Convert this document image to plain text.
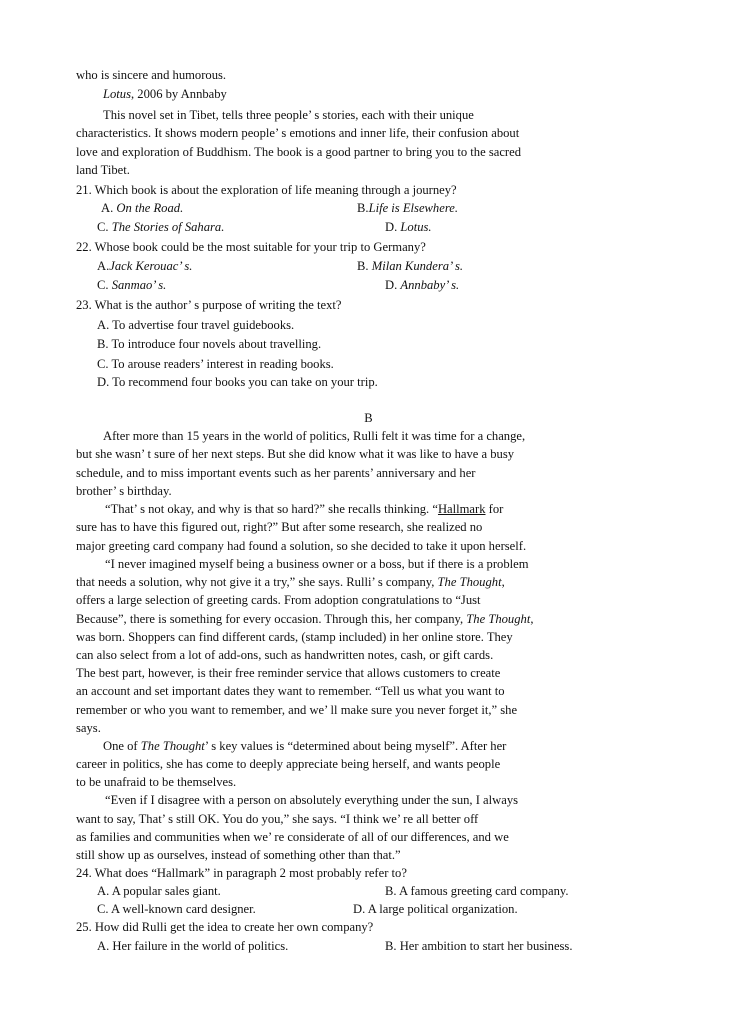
who is sincere and humorous.
Lotus, 2006 by Annbaby
This novel set in Tibet, tells three people’ s stories, each with their unique
characteristics. It shows modern people’ s emotions and inner life, their confusion about
love and exploration of Buddhism. The book is a good partner to bring you to the sacred
land Tibet.
21. Which book is about the exploration of life meaning through a journey?
A. On the Road.	B.Life is Elsewhere.
C. The Stories of Sahara.	D. Lotus.
22. Whose book could be the most suitable for your trip to Germany?
A.Jack Kerouac’ s.	B. Milan Kundera’ s.
C. Sanmao’ s.	D. Annbaby’ s.
23. What is the author’ s purpose of writing the text?
A. To advertise four travel guidebooks.
B. To introduce four novels about travelling.
C. To arouse readers’ interest in reading books.
D. To recommend four books you can take on your trip.
B
After more than 15 years in the world of politics, Rulli felt it was time for a change,
but she wasn’ t sure of her next steps. But she did know what it was like to have a busy
schedule, and to miss important events such as her parents’ anniversary and her
brother’ s birthday.
“That’ s not okay, and why is that so hard?” she recalls thinking. “Hallmark for
sure has to have this figured out, right?” But after some research, she realized no
major greeting card company had found a solution, so she decided to take it upon herself.
“I never imagined myself being a business owner or a boss, but if there is a problem
that needs a solution, why not give it a try,” she says. Rulli’ s company, The Thought,
offers a large selection of greeting cards. From adoption congratulations to “Just
Because”, there is something for every occasion. Through this, her company, The Thought,
was born. Shoppers can find different cards, (stamp included) in her online store. They
can also select from a lot of add-ons, such as handwritten notes, cash, or gift cards.
The best part, however, is their free reminder service that allows customers to create
an account and set important dates they want to remember. “Tell us what you want to
remember or who you want to remember, and we’ ll make sure you never forget it,” she
says.
One of The Thought’ s key values is “determined about being myself”. After her
career in politics, she has come to deeply appreciate being herself, and wants people
to be unafraid to be themselves.
“Even if I disagree with a person on absolutely everything under the sun, I always
want to say, That’ s still OK. You do you,” she says. “I think we’ re all better off
as families and communities when we’ re considerate of all of our differences, and we
still show up as ourselves, instead of something other than that.”
24. What does “Hallmark” in paragraph 2 most probably refer to?
A. A popular sales giant.	B. A famous greeting card company.
C. A well-known card designer.	D. A large political organization.
25. How did Rulli get the idea to create her own company?
A. Her failure in the world of politics.	B. Her ambition to start her business.
